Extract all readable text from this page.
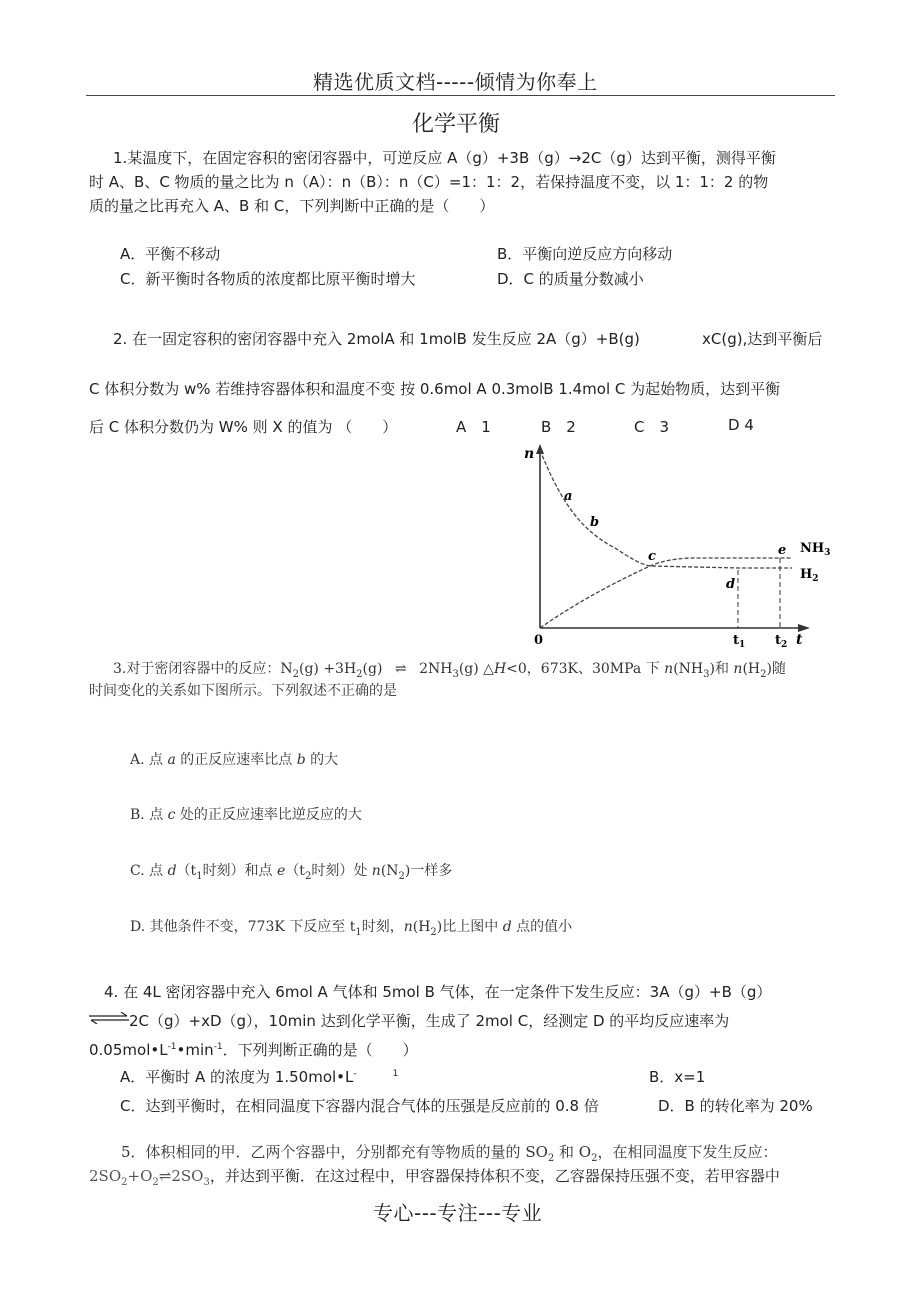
精选优质文档-----倾情为你奉上
化学平衡
1.某温度下，在固定容积的密闭容器中，可逆反应 A（g）+3B（g）→2C（g）达到平衡，测得平衡
时 A、B、C 物质的量之比为 n（A）：n（B）：n（C）=1：1：2，若保持温度不变，以 1：1：2 的物
质的量之比再充入 A、B 和 C，下列判断中正确的是（　　）
A．平衡不移动	B．平衡向逆反应方向移动
C．新平衡时各物质的浓度都比原平衡时增大	D．C 的质量分数减小
2. 在一固定容积的密闭容器中充入 2molA 和 1molB 发生反应 2A（g）+B(g)	xC(g),达到平衡后
C 体积分数为 w% 若维持容器体积和温度不变 按 0.6mol A 0.3molB 1.4mol C 为起始物质，达到平衡
后 C 体积分数仍为 W% 则 X 的值为 （　　）	A　1	B　2	C　3	D 4
n
t
0
a
b
c
d
e $NH_3$
$H_2$
$t_1$ $t_2$
3.对于密闭容器中的反应：$N_2(g) +3H_2(g)$ ⇌ $2NH_3(g)$ △H<0，673K、30MPa 下 $n(NH_3)$和 $n(H_2)$随
时间变化的关系如下图所示。下列叙述不正确的是
A. 点 a 的正反应速率比点 b 的大
B. 点 c 处的正反应速率比逆反应的大
C. 点 $d(t_1$时刻）和点 $e(t_2$时刻）处 $n(N_2)$一样多
D. 其他条件不变，773K 下反应至 $t_1$时刻，$n(H_2)$比上图中 d 点的值小
4. 在 4L 密闭容器中充入 6mol A 气体和 5mol B 气体，在一定条件下发生反应：3A（g）+B（g）
⇌2C（g）+xD（g），10min 达到化学平衡，生成了 2mol C，经测定 D 的平均反应速率为
$0.05mol•L^{-1}•\min^{-1}$．下列判断正确的是（　　）
A．平衡时 A 的浓度为 1.50mol•L-	$^1$	B．x=1
C．达到平衡时，在相同温度下容器内混合气体的压强是反应前的 0.8 倍	D．B 的转化率为 20%
5．体积相同的甲．乙两个容器中，分别都充有等物质的量的 $SO_2$ 和 $O_2$，在相同温度下发生反应：
$2SO_2+O_2\rightleftharpoons 2SO_3$，并达到平衡．在这过程中，甲容器保持体积不变，乙容器保持压强不变，若甲容器中
专心---专注---专业
